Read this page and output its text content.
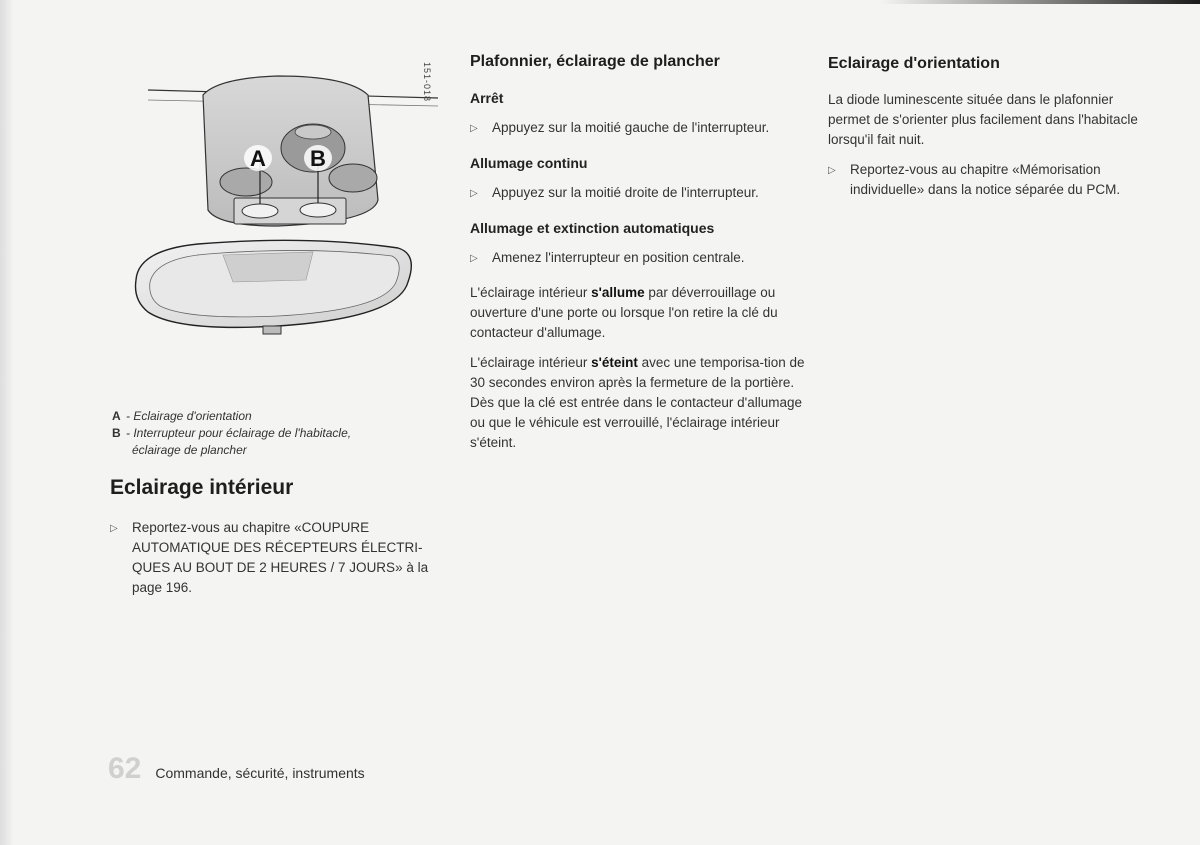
A B
151-018
A - Eclairage d'orientation
B - Interrupteur pour éclairage de l'habitacle,
éclairage de plancher
Eclairage intérieur
▷	Reportez-vous au chapitre «COUPURE AUTOMATIQUE DES RÉCEPTEURS ÉLECTRI-QUES AU BOUT DE 2 HEURES / 7 JOURS» à la page 196.
Plafonnier, éclairage de plancher
Arrêt
▷	Appuyez sur la moitié gauche de l'interrupteur.
Allumage continu
▷	Appuyez sur la moitié droite de l'interrupteur.
Allumage et extinction automatiques
▷	Amenez l'interrupteur en position centrale.

L'éclairage intérieur s'allume par déverrouillage ou ouverture d'une porte ou lorsque l'on retire la clé du contacteur d'allumage.

L'éclairage intérieur s'éteint avec une temporisa-tion de 30 secondes environ après la fermeture de la portière.

Dès que la clé est entrée dans le contacteur d'allumage ou que le véhicule est verrouillé, l'éclairage intérieur s'éteint.

Eclairage d'orientation

La diode luminescente située dans le plafonnier permet de s'orienter plus facilement dans l'habitacle lorsqu'il fait nuit.

▷	Reportez-vous au chapitre «Mémorisation individuelle» dans la notice séparée du PCM.
62 Commande, sécurité, instruments
